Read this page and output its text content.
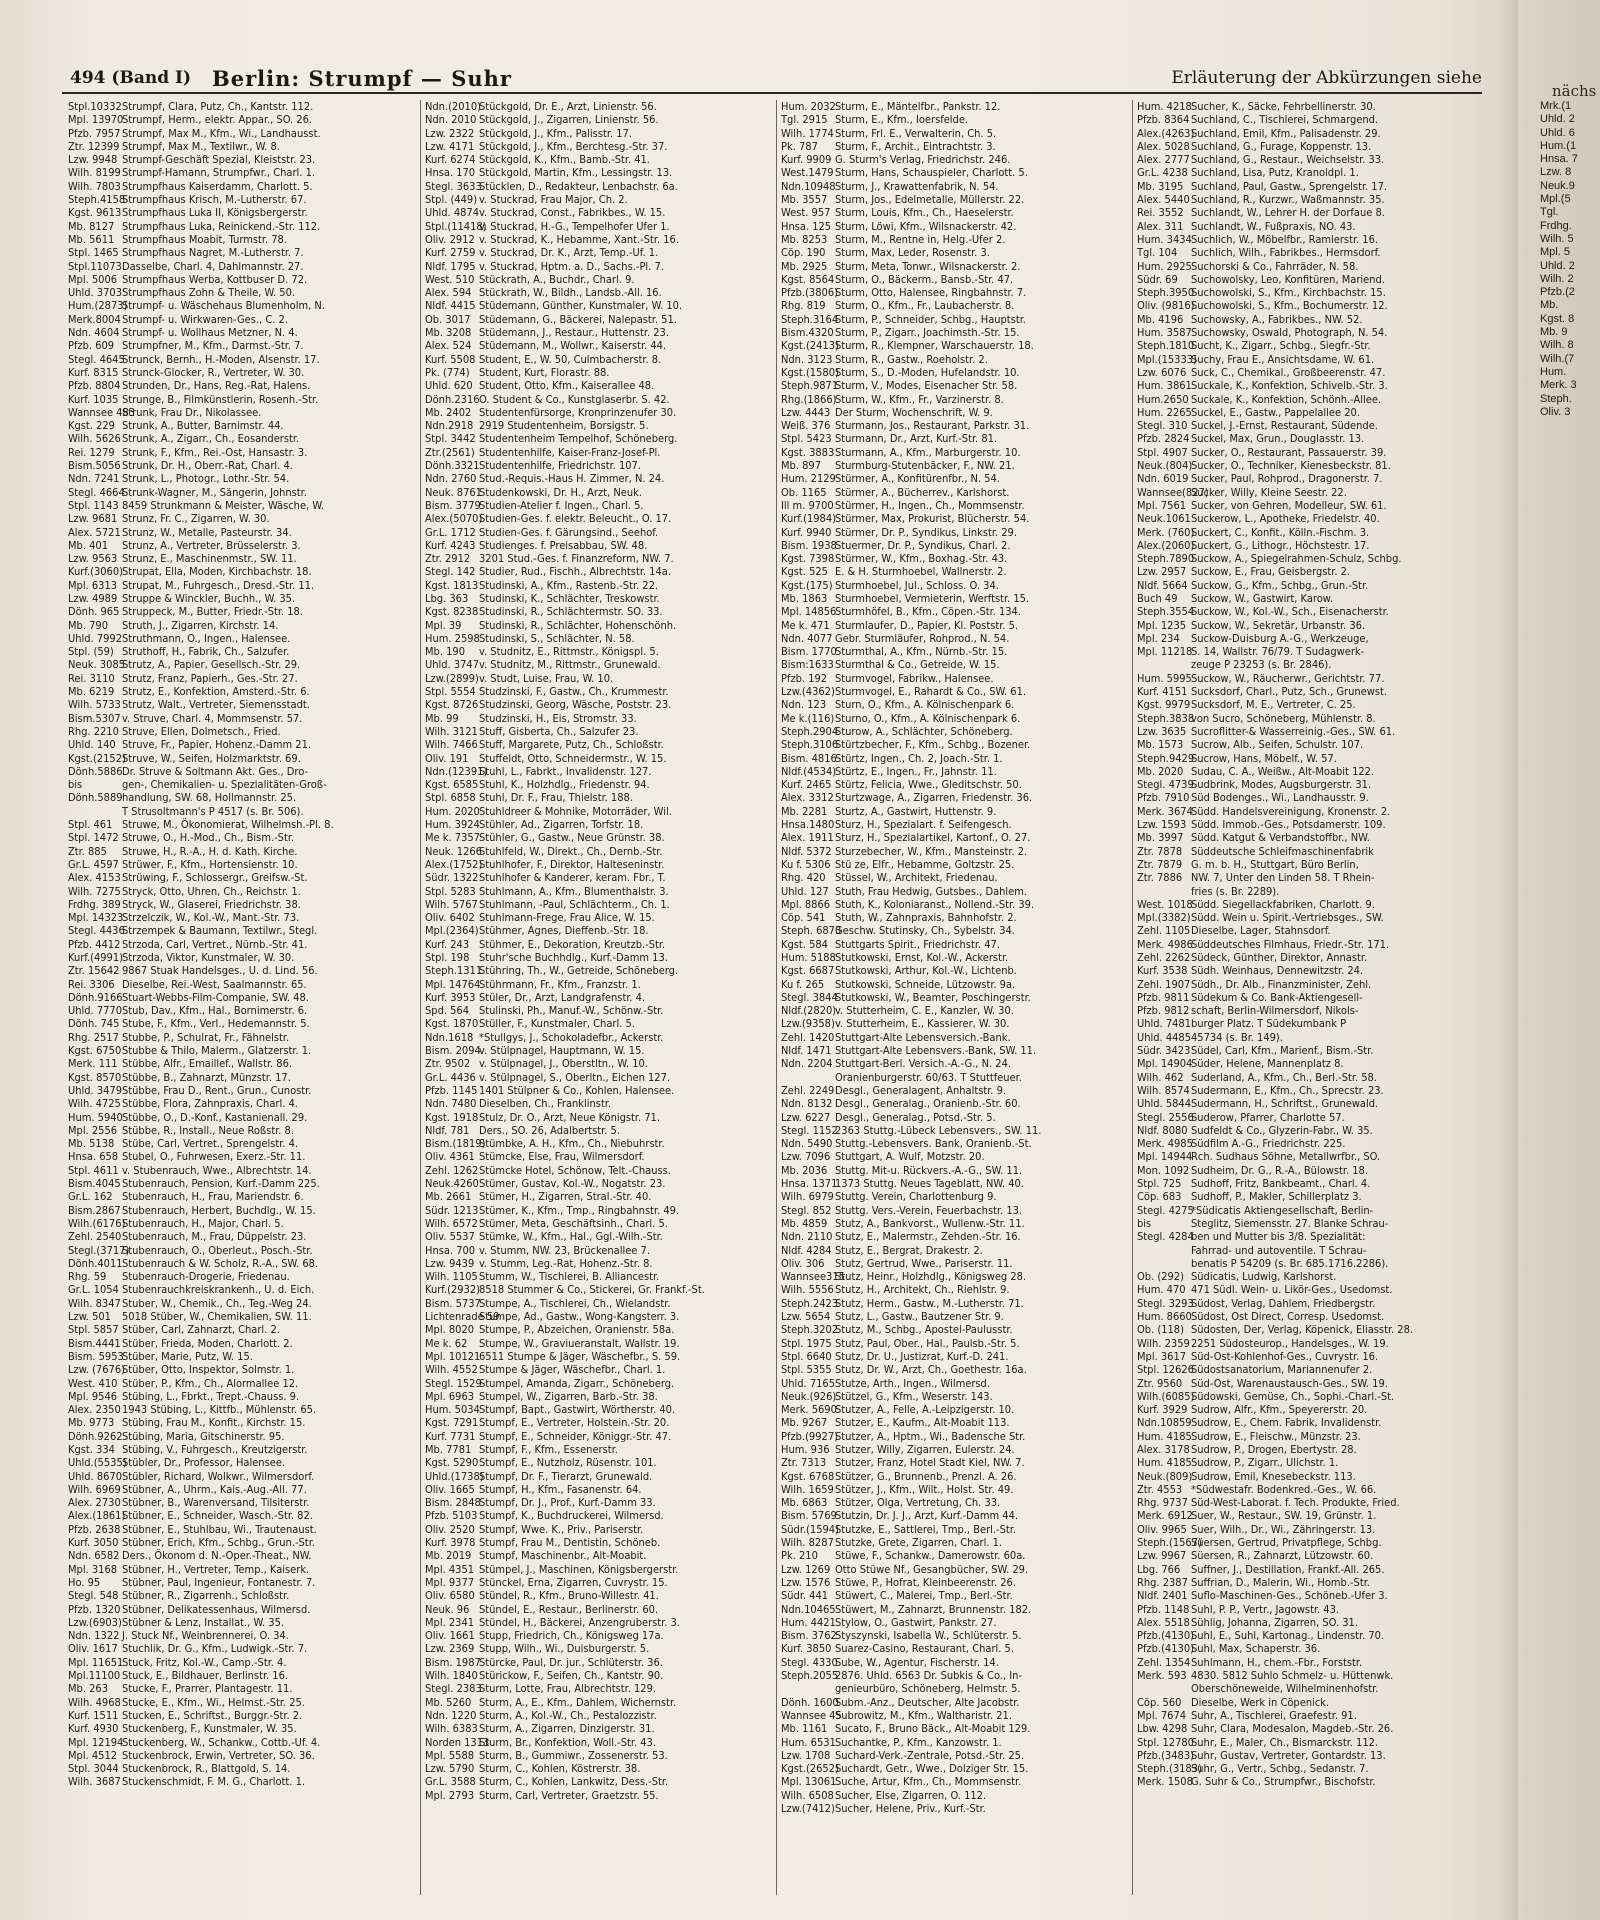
494 (Band I) Berlin: Strumpf — Suhr	Erläuterung der Abkürzungen siehe
nächs
Stpl.10332Strumpf, Clara, Putz, Ch., Kantstr. 112.
Mpl. 13970Strumpf, Herm., elektr. Appar., SO. 26.
Pfzb. 7957 Strumpf, Max M., Kfm., Wi., Landhausst.
Ztr. 12399 Strumpf, Max M., Textilwr., W. 8.
Lzw. 9948 Strumpf-Geschäft Spezial, Kleiststr. 23.
Wilh. 8199Strumpf-Hamann, Strumpfwr., Charl. 1.
Wilh. 7803Strumpfhaus Kaiserdamm, Charlott. 5.
Steph.4158Strumpfhaus Krisch, M.-Lutherstr. 67.
Kgst. 9613Strumpfhaus Luka II, Königsbergerstr.
Mb. 8127 Strumpfhaus Luka, Reinickend.-Str. 112.
Mb. 5611 Strumpfhaus Moabit, Turmstr. 78.
Stpl. 1465 Strumpfhaus Nagret, M.-Lutherstr. 7.
Stpl.11073Dasselbe, Charl. 4, Dahlmannstr. 27.
Mpl. 5006 Strumpfhaus Werba, Kottbuser D. 72.
Uhld. 3703Strumpfhaus Zohn & Theile, W. 50.
Hum.(2873)Strumpf- u. Wäschehaus Blumenholm, N.
Merk.8004Strumpf- u. Wirkwaren-Ges., C. 2.
Ndn. 4604 Strumpf- u. Wollhaus Metzner, N. 4.
Pfzb. 609 Strumpfner, M., Kfm., Darmst.-Str. 7.
Stegl. 4645Strunck, Bernh., H.-Moden, Alsenstr. 17.
Kurf. 8315 Strunck-Glocker, R., Vertreter, W. 30.
Pfzb. 8804 Strunden, Dr., Hans, Reg.-Rat, Halens.
Kurf. 1035 Strunge, B., Filmkünstlerin, Rosenh.-Str.
Wannsee 483Strunk, Frau Dr., Nikolassee.
Kgst. 229 Strunk, A., Butter, Barnimstr. 44.
Wilh. 5626Strunk, A., Zigarr., Ch., Eosanderstr.
Rei. 1279 Strunk, F., Kfm., Rei.-Ost, Hansastr. 3.
Bism.5056Strunk, Dr. H., Oberr.-Rat, Charl. 4.
Ndn. 7241 Strunk, L., Photogr., Lothr.-Str. 54.
Stegl. 4664Strunk-Wagner, M., Sängerin, Johnstr.
Stpl. 1143 8459 Strunkmann & Meister, Wäsche, W.
Lzw. 9681 Strunz, Fr. C., Zigarren, W. 30.
Alex. 5721Strunz, W., Metalle, Pasteurstr. 34.
Mb. 401 Strunz, A., Vertreter, Brüsselerstr. 3.
Lzw. 9563 Strunz, E., Maschinenmstr., SW. 11.
Kurf.(3060)Strupat, Ella, Moden, Kirchbachstr. 18.
Mpl. 6313 Strupat, M., Fuhrgesch., Dresd.-Str. 11.
Lzw. 4989 Struppe & Winckler, Buchh., W. 35.
Dönh. 965 Struppeck, M., Butter, Friedr.-Str. 18.
Mb. 790 Struth, J., Zigarren, Kirchstr. 14.
Uhld. 7992Struthmann, O., Ingen., Halensee.
Stpl. (59) Struthoff, H., Fabrik, Ch., Salzufer.
Neuk. 3085Strutz, A., Papier, Gesellsch.-Str. 29.
Rei. 3110 Strutz, Franz, Papierh., Ges.-Str. 27.
Mb. 6219 Strutz, E., Konfektion, Amsterd.-Str. 6.
Wilh. 5733Strutz, Walt., Vertreter, Siemensstadt.
Bism.5307v. Struve, Charl. 4, Mommsenstr. 57.
Rhg. 2210 Struve, Ellen, Dolmetsch., Fried.
Uhld. 140 Struve, Fr., Papier, Hohenz.-Damm 21.
Kgst.(2152)Struve, W., Seifen, Holzmarktstr. 69.
Dönh.5886Dr. Struve & Soltmann Akt. Ges., Dro-
bis	gen-, Chemikalien- u. Spezialitäten-Groß-
Dönh.5889handlung, SW. 68, Hollmannstr. 25.
T Strusoltmann's P 4517 (s. Br. 506).
Stpl. 461 Struwe, M., Ökonomierat, Wilhelmsh.-Pl. 8.
Stpl. 1472 Struwe, O., H.-Mod., Ch., Bism.-Str.
Ztr. 885 Struwe, H., R.-A., H. d. Kath. Kirche.
Gr.L. 4597 Strüwer, F., Kfm., Hortensienstr. 10.
Alex. 4153Strüwing, F., Schlossergr., Greifsw.-St.
Wilh. 7275Stryck, Otto, Uhren, Ch., Reichstr. 1.
Frdhg. 389Stryck, W., Glaserei, Friedrichstr. 38.
Mpl. 14323Strzelczik, W., Kol.-W., Mant.-Str. 73.
Stegl. 4436Strzempek & Baumann, Textilwr., Stegl.
Pfzb. 4412 Strzoda, Carl, Vertret., Nürnb.-Str. 41.
Kurf.(4991)Strzoda, Viktor, Kunstmaler, W. 30.
Ztr. 15642 9867 Stuak Handelsges., U. d. Lind. 56.
Rei. 3306 Dieselbe, Rei.-West, Saalmannstr. 65.
Dönh.9166Stuart-Webbs-Film-Companie, SW. 48.
Uhld. 7770Stub, Dav., Kfm., Hal., Bornimerstr. 6.
Dönh. 745 Stube, F., Kfm., Verl., Hedemannstr. 5.
Rhg. 2517 Stubbe, P., Schulrat, Fr., Fähnelstr.
Kgst. 6750Stubbe & Thilo, Malerm., Glatzerstr. 1.
Merk. 111 Stübbe, Alfr., Emaillef., Wallstr. 86.
Kgst. 8570Stübbe, B., Zahnarzt, Münzstr. 17.
Uhld. 3479Stübbe, Frau D., Rent., Grun., Cunostr.
Wilh. 4725Stübbe, Flora, Zahnpraxis, Charl. 4.
Hum. 5940Stübbe, O., D.-Konf., Kastanienall. 29.
Mpl. 2556 Stübbe, R., Install., Neue Roßstr. 8.
Mb. 5138 Stübe, Carl, Vertret., Sprengelstr. 4.
Hnsa. 658 Stubel, O., Fuhrwesen, Exerz.-Str. 11.
Stpl. 4611 v. Stubenrauch, Wwe., Albrechtstr. 14.
Bism.4045Stubenrauch, Pension, Kurf.-Damm 225.
Gr.L. 162 Stubenrauch, H., Frau, Mariendstr. 6.
Bism.2867Stubenrauch, Herbert, Buchdlg., W. 15.
Wilh.(6176)Stubenrauch, H., Major, Charl. 5.
Zehl. 2540Stubenrauch, M., Frau, Düppelstr. 23.
Stegl.(3717)Stubenrauch, O., Oberleut., Posch.-Str.
Dönh.4011Stubenrauch & W. Scholz, R.-A., SW. 68.
Rhg. 59 Stubenrauch-Drogerie, Friedenau.
Gr.L. 1054 Stubenrauchkreiskrankenh., U. d. Eich.
Wilh. 8347Stuber, W., Chemik., Ch., Teg.-Weg 24.
Lzw. 501 5018 Stüber, W., Chemikalien, SW. 11.
Stpl. 5857 Stüber, Carl, Zahnarzt, Charl. 2.
Bism.4441Stüber, Frieda, Moden, Charlott. 2.
Bism. 5953Stüber, Marie, Putz, W. 15.
Lzw. (7676)Stüber, Otto, Inspektor, Solmstr. 1.
West. 410 Stüber, P., Kfm., Ch., Alormallee 12.
Mpl. 9546 Stübing, L., Fbrkt., Trept.-Chauss. 9.
Alex. 23501943 Stübing, L., Kittfb., Mühlenstr. 65.
Mb. 9773 Stübing, Frau M., Konfit., Kirchstr. 15.
Dönh.9262Stübing, Maria, Gitschinerstr. 95.
Kgst. 334 Stübing, V., Fuhrgesch., Kreutzigerstr.
Uhld.(5535)Stübler, Dr., Professor, Halensee.
Uhld. 8670Stübler, Richard, Wolkwr., Wilmersdorf.
Wilh. 6969Stübner, A., Uhrm., Kais.-Aug.-All. 77.
Alex. 2730Stübner, B., Warenversand, Tilsiterstr.
Alex.(1861)Stübner, E., Schneider, Wasch.-Str. 82.
Pfzb. 2638 Stübner, E., Stuhlbau, Wi., Trautenaust.
Kurf. 3050 Stübner, Erich, Kfm., Schbg., Grun.-Str.
Ndn. 6582 Ders., Ökonom d. N.-Oper.-Theat., NW.
Mpl. 3168 Stübner, H., Vertreter, Temp., Kaiserk.
Ho. 95 Stübner, Paul, Ingenieur, Fontanestr. 7.
Stegl. 548 Stübner, R., Zigarrenh., Schloßstr.
Pfzb. 1320 Stübner, Delikatessenhaus, Wilmersd.
Lzw.(6903)Stübner & Lenz, Installat., W. 35.
Ndn. 1322 J. Stuck Nf., Weinbrennerei, O. 34.
Oliv. 1617 Stuchlik, Dr. G., Kfm., Ludwigk.-Str. 7.
Mpl. 11651Stuck, Fritz, Kol.-W., Camp.-Str. 4.
Mpl.11100 Stuck, E., Bildhauer, Berlinstr. 16.
Mb. 263 Stucke, F., Prarrer, Plantagestr. 11.
Wilh. 4968Stucke, E., Kfm., Wi., Helmst.-Str. 25.
Kurf. 1511 Stucken, E., Schriftst., Burggr.-Str. 2.
Kurf. 4930 Stuckenberg, F., Kunstmaler, W. 35.
Mpl. 12194Stuckenberg, W., Schankw., Cottb.-Uf. 4.
Mpl. 4512 Stuckenbrock, Erwin, Vertreter, SO. 36.
Stpl. 3044 Stuckenbrock, R., Blattgold, S. 14.
Wilh. 3687Stuckenschmidt, F. M. G., Charlott. 1.
Ndn.(2010)Stückgold, Dr. E., Arzt, Linienstr. 56.
Ndn. 2010 Stückgold, J., Zigarren, Linienstr. 56.
Lzw. 2322 Stückgold, J., Kfm., Palisstr. 17.
Lzw. 4171 Stückgold, J., Kfm., Berchtesg.-Str. 37.
Kurf. 6274 Stückgold, K., Kfm., Bamb.-Str. 41.
Hnsa. 170 Stückgold, Martin, Kfm., Lessingstr. 13.
Stegl. 3633Stücklen, D., Redakteur, Lenbachstr. 6a.
Stpl. (449) v. Stuckrad, Frau Major, Ch. 2.
Uhld. 4874v. Stuckrad, Const., Fabrikbes., W. 15.
Stpl.(11418)v. Stuckrad, H.-G., Tempelhofer Ufer 1.
Oliv. 2912 v. Stuckrad, K., Hebamme, Xant.-Str. 16.
Kurf. 2759 v. Stuckrad, Dr. K., Arzt, Temp.-Uf. 1.
Nldf. 1795 v. Stuckrad, Hptm. a. D., Sachs.-Pl. 7.
West. 510 Stückrath, A., Buchdr., Charl. 9.
Alex. 594 Stückrath, W., Bildh., Landsb.-All. 16.
Nldf. 4415 Stüdemann, Günther, Kunstmaler, W. 10.
Ob. 3017 Stüdemann, G., Bäckerei, Nalepastr. 51.
Mb. 3208 Stüdemann, J., Restaur., Huttenstr. 23.
Alex. 524 Stüdemann, M., Wollwr., Kaiserstr. 44.
Kurf. 5508 Student, E., W. 50, Culmbacherstr. 8.
Pk. (774) Student, Kurt, Florastr. 88.
Uhld. 620 Student, Otto, Kfm., Kaiserallee 48.
Dönh.2316O. Student & Co., Kunstglaserbr. S. 42.
Mb. 2402 Studentenfürsorge, Kronprinzenufer 30.
Ndn.2918 2919 Studentenheim, Borsigstr. 5.
Stpl. 3442 Studentenheim Tempelhof, Schöneberg.
Ztr.(2561) Studentenhilfe, Kaiser-Franz-Josef-Pl.
Dönh.3321Studentenhilfe, Friedrichstr. 107.
Ndn. 2760 Stud.-Requis.-Haus H. Zimmer, N. 24.
Neuk. 8761Studenkowski, Dr. H., Arzt, Neuk.
Bism. 3779Studien-Atelier f. Ingen., Charl. 5.
Alex.(5070)Studien-Ges. f. elektr. Beleucht., O. 17.
Gr.L. 1712 Studien-Ges. f. Gärungsind., Seehof.
Kurf. 4243 Studienges. f. Preisabbau, SW. 48.
Ztr. 2912 3201 Stud.-Ges. f. Finanzreform, NW. 7.
Stegl. 142 Studier, Rud., Fischh., Albrechtstr. 14a.
Kgst. 1813Studinski, A., Kfm., Rastenb.-Str. 22.
Lbg. 363 Studinski, K., Schlächter, Treskowstr.
Kgst. 8238Studinski, R., Schlächtermstr. SO. 33.
Mpl. 39 Studinski, R., Schlächter, Hohenschönh.
Hum. 2598Studinski, S., Schlächter, N. 58.
Mb. 190 v. Studnitz, E., Rittmstr., Königspl. 5.
Uhld. 3747v. Studnitz, M., Rittmstr., Grunewald.
Lzw.(2899)v. Studt, Luise, Frau, W. 10.
Stpl. 5554 Studzinski, F., Gastw., Ch., Krummestr.
Kgst. 8726Studzinski, Georg, Wäsche, Poststr. 23.
Mb. 99 Studzinski, H., Eis, Stromstr. 33.
Wilh. 3121Stuff, Gisberta, Ch., Salzufer 23.
Wilh. 7466Stuff, Margarete, Putz, Ch., Schloßstr.
Oliv. 191 Stuffeldt, Otto, Schneidermstr., W. 15.
Ndn.(12391)Stuhl, L., Fabrkt., Invalidenstr. 127.
Kgst. 6585Stuhl, K., Holzhdlg., Friedenstr. 94.
Stpl. 6858 Stuhl, Dr. F., Frau, Thielstr. 188.
Hum. 2020Stuhldreer & Mohnike, Motorräder, Wil.
Hum. 3924Stühler, Ad., Zigarren, Torfstr. 18.
Me k. 7357Stühler, G., Gastw., Neue Grünstr. 38.
Neuk. 1266Stuhlfeld, W., Direkt., Ch., Dernb.-Str.
Alex.(1752)Stuhlhofer, F., Direktor, Halteseninstr.
Südr. 1322Stuhlhofer & Kanderer, keram. Fbr., T.
Stpl. 5283 Stuhlmann, A., Kfm., Blumenthalstr. 3.
Wilh. 5767Stuhlmann, -Paul, Schlächterm., Ch. 1.
Oliv. 6402 Stuhlmann-Frege, Frau Alice, W. 15.
Mpl.(2364)Stühmer, Agnes, Dieffenb.-Str. 18.
Kurf. 243 Stühmer, E., Dekoration, Kreutzb.-Str.
Stpl. 198 Stuhr'sche Buchhdlg., Kurf.-Damm 13.
Steph.1311Stühring, Th., W., Getreide, Schöneberg.
Mpl. 14764Stührmann, Fr., Kfm., Franzstr. 1.
Kurf. 3953 Stüler, Dr., Arzt, Landgrafenstr. 4.
Spd. 564 Stulinski, Ph., Manuf.-W., Schönw.-Str.
Kgst. 1870Stüller, F., Kunstmaler, Charl. 5.
Ndn.1618 *Stullgys, J., Schokoladefbr., Ackerstr.
Bism. 2094v. Stülpnagel, Hauptmann, W. 15.
Ztr. 9502 v. Stülpnagel, J., Oberstltn., W. 10.
Gr.L. 4436 v. Stülpnagel, S., Oberltn., Eichen 127.
Pfzb. 1145 1401 Stülpner & Co., Kohlen, Halensee.
Ndn. 7480 Dieselben, Ch., Franklinstr.
Kgst. 1918Stulz, Dr. O., Arzt, Neue Königstr. 71.
Nldf. 781 Ders., SO. 26, Adalbertstr. 5.
Bism.(1819)Stümbke, A. H., Kfm., Ch., Niebuhrstr.
Oliv. 4361 Stümcke, Else, Frau, Wilmersdorf.
Zehl. 1262Stümcke Hotel, Schönow, Telt.-Chauss.
Neuk.4260Stümer, Gustav, Kol.-W., Nogatstr. 23.
Mb. 2661 Stümer, H., Zigarren, Stral.-Str. 40.
Südr. 1213Stümer, K., Kfm., Tmp., Ringbahnstr. 49.
Wilh. 6572Stümer, Meta, Geschäftsinh., Charl. 5.
Oliv. 5537 Stümke, W., Kfm., Hal., Ggl.-Wilh.-Str.
Hnsa. 700 v. Stumm, NW. 23, Brückenallee 7.
Lzw. 9439 v. Stumm, Leg.-Rat, Hohenz.-Str. 8.
Wilh. 1105Stumm, W., Tischlerei, B. Alliancestr.
Kurf.(2932)8518 Stummer & Co., Stickerei, Gr. Frankf.-St.
Bism. 5737Stumpe, A., Tischlerei, Ch., Wielandstr.
Lichtenrade 59Stumpe, Ad., Gastw., Wong-Kangsterr. 3.
Mpl. 8020 Stumpe, P., Abzeichen, Oranienstr. 58a.
Me k. 62 Stumpe, W., Graviueranstalt, Wallstr. 19.
Mpl. 101216511 Stumpe & Jäger, Wäschefbr., S. 59.
Wilh. 4552Stumpe & Jäger, Wäschefbr., Charl. 1.
Stegl. 1529Stumpel, Amanda, Zigarr., Schöneberg.
Mpl. 6963 Stumpel, W., Zigarren, Barb.-Str. 38.
Hum. 5034Stumpf, Bapt., Gastwirt, Wörtherstr. 40.
Kgst. 7291Stumpf, E., Vertreter, Holstein.-Str. 20.
Kurf. 7731 Stumpf, E., Schneider, Königgr.-Str. 47.
Mb. 7781 Stumpf, F., Kfm., Essenerstr.
Kgst. 5290Stumpf, E., Nutzholz, Rüsenstr. 101.
Uhld.(1738)Stumpf, Dr. F., Tierarzt, Grunewald.
Oliv. 1665 Stumpf, H., Kfm., Fasanenstr. 64.
Bism. 2848Stumpf, Dr. J., Prof., Kurf.-Damm 33.
Pfzb. 5103 Stumpf, K., Buchdruckerei, Wilmersd.
Oliv. 2520 Stumpf, Wwe. K., Priv., Pariserstr.
Kurf. 3978 Stumpf, Frau M., Dentistin, Schöneb.
Mb. 2019 Stumpf, Maschinenbr., Alt-Moabit.
Mpl. 4351 Stümpel, J., Maschinen, Königsbergerstr.
Mpl. 9377 Stünckel, Erna, Zigarren, Cuvrystr. 15.
Oliv. 6580 Stündel, R., Kfm., Bruno-Willestr. 41.
Neuk. 96 Stündel, E., Restaur., Berlinerstr. 60.
Mpl. 2341 Stündel, H., Bäckerei, Anzengruberstr. 3.
Oliv. 1661 Stupp, Friedrich, Ch., Königsweg 17a.
Lzw. 2369 Stupp, Wilh., Wi., Duisburgerstr. 5.
Bism. 1987Stürcke, Paul, Dr. jur., Schlüterstr. 36.
Wilh. 1840Stürickow, F., Seifen, Ch., Kantstr. 90.
Stegl. 2383Sturm, Lotte, Frau, Albrechtstr. 129.
Mb. 5260 Sturm, A., E., Kfm., Dahlem, Wichernstr.
Ndn. 1220 Sturm, A., Kol.-W., Ch., Pestalozzistr.
Wilh. 6383Sturm, A., Zigarren, Dinzigerstr. 31.
Norden 1313Sturm, Br., Konfektion, Woll.-Str. 43.
Mpl. 5588 Sturm, B., Gummiwr., Zossenerstr. 53.
Lzw. 5790 Sturm, C., Kohlen, Köstrerstr. 38.
Gr.L. 3588 Sturm, C., Kohlen, Lankwitz, Dess.-Str.
Mpl. 2793 Sturm, Carl, Vertreter, Graetzstr. 55.
Hum. 2032Sturm, E., Mäntelfbr., Pankstr. 12.
Tgl. 2915 Sturm, E., Kfm., Ioersfelde.
Wilh. 1774Sturm, Frl. E., Verwalterin, Ch. 5.
Pk. 787 Sturm, F., Archit., Eintrachtstr. 3.
Kurf. 9909 G. Sturm's Verlag, Friedrichstr. 246.
West.1479Sturm, Hans, Schauspieler, Charlott. 5.
Ndn.10948Sturm, J., Krawattenfabrik, N. 54.
Mb. 3557 Sturm, Jos., Edelmetalle, Müllerstr. 22.
West. 957 Sturm, Louis, Kfm., Ch., Haeselerstr.
Hnsa. 125 Sturm, Löwi, Kfm., Wilsnackerstr. 42.
Mb. 8253 Sturm, M., Rentne in, Helg.-Ufer 2.
Cöp. 190 Sturm, Max, Leder, Rosenstr. 3.
Mb. 2925 Sturm, Meta, Tonwr., Wilsnackerstr. 2.
Kgst. 8564Sturm, O., Bäckerm., Bansb.-Str. 47.
Pfzb.(3806)Sturm, Otto, Halensee, Ringbahnstr. 7.
Rhg. 819 Sturm, O., Kfm., Fr., Laubacherstr. 8.
Steph.3164Sturm, P., Schneider, Schbg., Hauptstr.
Bism.4320Sturm, P., Zigarr., Joachimsth.-Str. 15.
Kgst.(2413)Sturm, R., Klempner, Warschauerstr. 18.
Ndn. 3123 Sturm, R., Gastw., Roeholstr. 2.
Kgst.(1580)Sturm, S., D.-Moden, Hufelandstr. 10.
Steph.9871Sturm, V., Modes, Eisenacher Str. 58.
Rhg.(1866)Sturm, W., Kfm., Fr., Varzinerstr. 8.
Lzw. 4443 Der Sturm, Wochenschrift, W. 9.
Weiß. 376 Sturmann, Jos., Restaurant, Parkstr. 31.
Stpl. 5423 Sturmann, Dr., Arzt, Kurf.-Str. 81.
Kgst. 3883Sturmann, A., Kfm., Marburgerstr. 10.
Mb. 897 Sturmburg-Stutenbäcker, F., NW. 21.
Hum. 2129Stürmer, A., Konfitürenfbr., N. 54.
Ob. 1165 Stürmer, A., Bücherrev., Karlshorst.
Ill m. 9700Stürmer, H., Ingen., Ch., Mommsenstr.
Kurf.(1984)Stürmer, Max, Prokurist, Blücherstr. 54.
Kurf. 9940 Stürmer, Dr. P., Syndikus, Linkstr. 29.
Bism. 1938Stuermer, Dr. P., Syndikus, Charl. 2.
Kgst. 7398Stürmer, W., Kfm., Boxhag.-Str. 43.
Kgst. 525 E. & H. Sturmhoebel, Wallnerstr. 2.
Kgst.(175) Sturmhoebel, Jul., Schloss. O. 34.
Mb. 1863 Sturmhoebel, Vermieterin, Werftstr. 15.
Mpl. 14856Sturmhöfel, B., Kfm., Cöpen.-Str. 134.
Me k. 471 Sturmlaufer, D., Papier, Kl. Poststr. 5.
Ndn. 4077 Gebr. Sturmläufer, Rohprod., N. 54.
Bism. 1770Sturmthal, A., Kfm., Nürnb.-Str. 15.
Bism:1633Sturmthal & Co., Getreide, W. 15.
Pfzb. 192 Sturmvogel, Fabrikw., Halensee.
Lzw.(4362)Sturmvogel, E., Rahardt & Co., SW. 61.
Ndn. 123 Sturn, O., Kfm., A. Kölnischenpark 6.
Me k.(116)Sturno, O., Kfm., A. Kölnischenpark 6.
Steph.2904Sturow, A., Schlächter, Schöneberg.
Steph.3106Stürtzbecher, F., Kfm., Schbg., Bozener.
Bism. 4816Stürtz, Ingen., Ch. 2, Joach.-Str. 1.
Nldf.(4534)Stürtz, E., Ingen., Fr., Jahnstr. 11.
Kurf. 2465 Stürtz, Felicia, Wwe., Gleditschstr. 50.
Alex. 3312Sturtzwage, A., Zigarren, Friedenstr. 36.
Mb. 2281 Sturtz, A., Gastwirt, Huttenstr. 9.
Hnsa.1480Sturz, H., Spezialart. f. Seifengesch.
Alex. 1911Sturz, H., Spezialartikel, Kartonf., O. 27.
Nldf. 5372 Sturzebecher, W., Kfm., Mansteinstr. 2.
Ku f. 5306 Stü ze, Elfr., Hebamme, Goltzstr. 25.
Rhg. 420 Stüssel, W., Architekt, Friedenau.
Uhld. 127 Stuth, Frau Hedwig, Gutsbes., Dahlem.
Mpl. 8866 Stuth, K., Koloniaranst., Nollend.-Str. 39.
Cöp. 541 Stuth, W., Zahnpraxis, Bahnhofstr. 2.
Steph. 6873Geschw. Stutinsky, Ch., Sybelstr. 34.
Kgst. 584 Stuttgarts Spirit., Friedrichstr. 47.
Hum. 5188Stutkowski, Ernst, Kol.-W., Ackerstr.
Kgst. 6687Stutkowski, Arthur, Kol.-W., Lichtenb.
Ku f. 265 Stutkowski, Schneide, Lützowstr. 9a.
Stegl. 3844Stutkowski, W., Beamter, Poschingerstr.
Nldf.(2820)v. Stutterheim, C. E., Kanzler, W. 30.
Lzw.(9358)v. Stutterheim, E., Kassierer, W. 30.
Zehl. 1420Stuttgart-Alte Lebensversich.-Bank.
Nldf. 1471 Stuttgart-Alte Lebensvers.-Bank, SW. 11.
Ndn. 2204 Stuttgart-Berl. Versich.-A.-G., N. 24.
Oranienburgerstr. 60/63. T Stuttfeuer.
Zehl. 2249Desgl., Generalagent, Anhaltstr. 9.
Ndn. 8132 Desgl., Generalag., Oranienb.-Str. 60.
Lzw. 6227 Desgl., Generalag., Potsd.-Str. 5.
Stegl. 11522363 Stuttg.-Lübeck Lebensvers., SW. 11.
Ndn. 5490 Stuttg.-Lebensvers. Bank, Oranienb.-St.
Lzw. 7096 Stuttgart, A. Wulf, Motzstr. 20.
Mb. 2036 Stuttg. Mit-u. Rückvers.-A.-G., SW. 11.
Hnsa. 13711373 Stuttg. Neues Tageblatt, NW. 40.
Wilh. 6979Stuttg. Verein, Charlottenburg 9.
Stegl. 852 Stuttg. Vers.-Verein, Feuerbachstr. 13.
Mb. 4859 Stutz, A., Bankvorst., Wullenw.-Str. 11.
Ndn. 2110 Stutz, E., Malermstr., Zehden.-Str. 16.
Nldf. 4284 Stutz, E., Bergrat, Drakestr. 2.
Oliv. 306 Stutz, Gertrud, Wwe., Pariserstr. 11.
Wannsee315Stutz, Heinr., Holzhdlg., Königsweg 28.
Wilh. 5556Stutz, H., Architekt, Ch., Riehlstr. 9.
Steph.2423Stutz, Herm., Gastw., M.-Lutherstr. 71.
Lzw. 5654 Stutz, L., Gastw., Bautzener Str. 9.
Steph.3202Stutz, M., Schbg., Apostel-Paulusstr.
Stpl. 1975 Stutz, Paul, Ober., Hal., Paulsb.-Str. 5.
Stpl. 6640 Stutz, Dr. U., Justizrat, Kurf.-D. 241.
Stpl. 5355 Stutz, Dr. W., Arzt, Ch., Goethestr. 16a.
Uhld. 7165Stutze, Arth., Ingen., Wilmersd.
Neuk.(926)Stützel, G., Kfm., Weserstr. 143.
Merk. 5690Stutzer, A., Felle, A.-Leipzigerstr. 10.
Mb. 9267 Stutzer, E., Kaufm., Alt-Moabit 113.
Pfzb.(9927)Stutzer, A., Hptm., Wi., Badensche Str.
Hum. 936 Stutzer, Willy, Zigarren, Eulerstr. 24.
Ztr. 7313 Stutzer, Franz, Hotel Stadt Kiel, NW. 7.
Kgst. 6768Stützer, G., Brunnenb., Prenzl. A. 26.
Wilh. 1659Stützer, J., Kfm., Wilt., Holst. Str. 49.
Mb. 6863 Stützer, Olga, Vertretung, Ch. 33.
Bism. 5769Stutzin, Dr. J. J., Arzt, Kurf.-Damm 44.
Südr.(1594)Stutzke, E., Sattlerei, Tmp., Berl.-Str.
Wilh. 8287Stutzke, Grete, Zigarren, Charl. 1.
Pk. 210 Stüwe, F., Schankw., Damerowstr. 60a.
Lzw. 1269 Otto Stüwe Nf., Gesangbücher, SW. 29.
Lzw. 1576 Stüwe, P., Hofrat, Kleinbeerenstr. 26.
Südr. 441 Stüwert, C., Malerei, Tmp., Berl.-Str.
Ndn.10465Stüwert, M., Zahnarzt, Brunnenstr. 182.
Hum. 4421Stylow, O., Gastwirt, Pankstr. 27.
Bism. 3762Styszynski, Isabella W., Schlüterstr. 5.
Kurf. 3850 Suarez-Casino, Restaurant, Charl. 5.
Stegl. 4330Sube, W., Agentur, Fischerstr. 14.
Steph.20552876. Uhld. 6563 Dr. Subkis & Co., In-
genieurbüro, Schöneberg, Helmstr. 5.
Dönh. 1600Subm.-Anz., Deutscher, Alte Jacobstr.
Wannsee 45Subrowitz, M., Kfm., Waltharistr. 21.
Mb. 1161 Sucato, F., Bruno Bäck., Alt-Moabit 129.
Hum. 6531Suchantke, P., Kfm., Kanzowstr. 1.
Lzw. 1708 Suchard-Verk.-Zentrale, Potsd.-Str. 25.
Kgst.(2652)Suchardt, Getr., Wwe., Dolziger Str. 15.
Mpl. 13061Suche, Artur, Kfm., Ch., Mommsenstr.
Wilh. 6508Sucher, Else, Zigarren, O. 112.
Lzw.(7412)Sucher, Helene, Priv., Kurf.-Str.
Hum. 4218Sucher, K., Säcke, Fehrbellinerstr. 30.
Pfzb. 8364 Suchland, C., Tischlerei, Schmargend.
Alex.(4263)Suchland, Emil, Kfm., Palisadenstr. 29.
Alex. 5028Suchland, G., Furage, Koppenstr. 13.
Alex. 2777Suchland, G., Restaur., Weichselstr. 33.
Gr.L. 4238 Suchland, Lisa, Putz, Kranoldpl. 1.
Mb. 3195 Suchland, Paul, Gastw., Sprengelstr. 17.
Alex. 5440Suchland, R., Kurzwr., Waßmannstr. 35.
Rei. 3552 Suchlandt, W., Lehrer H. der Dorfaue 8.
Alex. 311 Suchlandt, W., Fußpraxis, NO. 43.
Hum. 3434Suchlich, W., Möbelfbr., Ramlerstr. 16.
Tgl. 104 Suchlich, Wilh., Fabrikbes., Hermsdorf.
Hum. 2925Suchorski & Co., Fahrräder, N. 58.
Südr. 69 Suchowolsky, Leo, Konfitüren, Mariend.
Steph.3950Suchowolski, S., Kfm., Kirchbachstr. 15.
Oliv. (9816)Suchowolski, S., Kfm., Bochumerstr. 12.
Mb. 4196 Suchowsky, A., Fabrikbes., NW. 52.
Hum. 3587Suchowsky, Oswald, Photograph, N. 54.
Steph.1810Sucht, K., Zigarr., Schbg., Siegfr.-Str.
Mpl.(15333)Suchy, Frau E., Ansichtsdame, W. 61.
Lzw. 6076 Suck, C., Chemikal., Großbeerenstr. 47.
Hum. 3861Suckale, K., Konfektion, Schivelb.-Str. 3.
Hum.2650 Suckale, K., Konfektion, Schönh.-Allee.
Hum. 2265Suckel, E., Gastw., Pappelallee 20.
Stegl. 310 Suckel, J.-Ernst, Restaurant, Südende.
Pfzb. 2824 Suckel, Max, Grun., Douglasstr. 13.
Stpl. 4907 Sucker, O., Restaurant, Passauerstr. 39.
Neuk.(804)Sucker, O., Techniker, Kienesbeckstr. 81.
Ndn. 6019 Sucker, Paul, Rohprod., Dragonerstr. 7.
Wannsee(827)Sucker, Willy, Kleine Seestr. 22.
Mpl. 7561 Sucker, von Gehren, Modelleur, SW. 61.
Neuk.1061Suckerow, L., Apotheke, Friedelstr. 40.
Merk. (760)Suckert, C., Konfit., Kölln.-Fischm. 3.
Alex.(2060)Suckert, G., Lithogr., Höchstestr. 17.
Steph.7890Suckow, A., Spiegelrahmen-Schulz, Schbg.
Lzw. 2957 Suckow, E., Frau, Geisbergstr. 2.
Nldf. 5664 Suckow, G., Kfm., Schbg., Grun.-Str.
Buch 49 Suckow, W., Gastwirt, Karow.
Steph.3554Suckow, W., Kol.-W., Sch., Eisenacherstr.
Mpl. 1235 Suckow, W., Sekretär, Urbanstr. 36.
Mpl. 234 Suckow-Duisburg A.-G., Werkzeuge,
Mpl. 11218S. 14, Wallstr. 76/79. T Sudagwerk-
zeuge P 23253 (s. Br. 2846).
Hum. 5995Suckow, W., Räucherwr., Gerichtstr. 77.
Kurf. 4151 Sucksdorf, Charl., Putz, Sch., Grunewst.
Kgst. 9979Sucksdorf, M. E., Vertreter, C. 25.
Steph.3838von Sucro, Schöneberg, Mühlenstr. 8.
Lzw. 3635 Sucroflitter-& Wasserreinig.-Ges., SW. 61.
Mb. 1573 Sucrow, Alb., Seifen, Schulstr. 107.
Steph.9429Sucrow, Hans, Möbelf., W. 57.
Mb. 2020 Sudau, C. A., Weißw., Alt-Moabit 122.
Stegl. 4739Sudbrink, Modes, Augsburgerstr. 31.
Pfzb. 7910 Süd Bodenges., Wi., Landhausstr. 9.
Merk. 3674Südd. Handelsvereinigung, Kronenstr. 2.
Lzw. 1593 Südd. Immob.-Ges., Potsdamerstr. 109.
Mb. 3997 Südd. Katgut & Verbandstoffbr., NW.
Ztr. 7878 Süddeutsche Schleifmaschinenfabrik
Ztr. 7879 G. m. b. H., Stuttgart, Büro Berlin,
Ztr. 7886 NW. 7, Unter den Linden 58. T Rhein-
fries (s. Br. 2289).
West. 1018Südd. Siegellackfabriken, Charlott. 9.
Mpl.(3382)Südd. Wein u. Spirit.-Vertriebsges., SW.
Zehl. 1105Dieselbe, Lager, Stahnsdorf.
Merk. 4986Süddeutsches Filmhaus, Friedr.-Str. 171.
Zehl. 2262Südeck, Günther, Direktor, Annastr.
Kurf. 3538 Südh. Weinhaus, Dennewitzstr. 24.
Zehl. 1907Südh., Dr. Alb., Finanzminister, Zehl.
Pfzb. 9811 Südekum & Co. Bank-Aktiengesell-
Pfzb. 9812 schaft, Berlin-Wilmersdorf, Nikols-
Uhld. 7481burger Platz. T Südekumbank P
Uhld. 448545734 (s. Br. 149).
Südr. 3423Südel, Carl, Kfm., Marienf., Bism.-Str.
Mpl. 14904Süder, Helene, Mannenplatz 8.
Wilh. 462 Suderland, A., Kfm., Ch., Berl.-Str. 58.
Wilh. 8574Sudermann, E., Kfm., Ch., Sprecstr. 23.
Uhld. 5844Sudermann, H., Schriftst., Grunewald.
Stegl. 2556Suderow, Pfarrer, Charlotte 57.
Nldf. 8080 Sudfeldt & Co., Glyzerin-Fabr., W. 35.
Merk. 4985Südfilm A.-G., Friedrichstr. 225.
Mpl. 14944Rch. Sudhaus Söhne, Metallwrfbr., SO.
Mon. 1092 Sudheim, Dr. G., R.-A., Bülowstr. 18.
Stpl. 725 Sudhoff, Fritz, Bankbeamt., Charl. 4.
Cöp. 683 Sudhoff, P., Makler, Schillerplatz 3.
Stegl. 4275*Südicatis Aktiengesellschaft, Berlin-
bis	Steglitz, Siemensstr. 27. Blanke Schrau-
Stegl. 4284ben und Mutter bis 3/8. Spezialität:
Fahrrad- und autoventile. T Schrau-
benatis P 54209 (s. Br. 685.1716.2286).
Ob. (292) Südicatis, Ludwig, Karlshorst.
Hum. 470 471 Südl. Wein- u. Likör-Ges., Usedomst.
Stegl. 3293Südost, Verlag, Dahlem, Friedbergstr.
Hum. 8660Südost, Ost Direct, Corresp. Usedomst.
Ob. (118) Südosten, Der, Verlag, Köpenick, Eliasstr. 28.
Wilh. 23592251 Südosteurop., Handelsges., W. 19.
Mpl. 3617 Süd-Ost-Kohlenhof-Ges., Cuvrystr. 16.
Stpl. 12626Südostsanatorium, Mariannenufer 2.
Ztr. 9560 Süd-Ost, Warenaustausch-Ges., SW. 19.
Wilh.(6085)Südowski, Gemüse, Ch., Sophi.-Charl.-St.
Kurf. 3929 Sudrow, Alfr., Kfm., Speyererstr. 20.
Ndn.10859Sudrow, E., Chem. Fabrik, Invalidenstr.
Hum. 4185Sudrow, E., Fleischw., Münzstr. 23.
Alex. 3178Sudrow, P., Drogen, Ebertystr. 28.
Hum. 4185Sudrow, P., Zigarr., Ulichstr. 1.
Neuk.(809)Sudrow, Emil, Knesebeckstr. 113.
Ztr. 4553 *Südwestafr. Bodenkred.-Ges., W. 66.
Rhg. 9737 Süd-West-Laborat. f. Tech. Produkte, Fried.
Merk. 6912Suer, W., Restaur., SW. 19, Grünstr. 1.
Oliv. 9965 Suer, Wilh., Dr., Wi., Zähringerstr. 13.
Steph.(1567)Süersen, Gertrud, Privatpflege, Schbg.
Lzw. 9967 Süersen, R., Zahnarzt, Lützowstr. 60.
Lbg. 766 Suffner, J., Destillation, Frankf.-All. 265.
Rhg. 2387 Suffrian, D., Malerin, Wi., Homb.-Str.
Nldf. 2401 Suflo-Maschinen-Ges., Schöneb.-Ufer 3.
Pfzb. 1148 Suhl, P. P., Vertr., Jagowstr. 43.
Alex. 5518Sühlig, Johanna, Zigarren, SO. 31.
Pfzb.(4130)Suhl, E., Suhl, Kartonag., Lindenstr. 70.
Pfzb.(4130)Suhl, Max, Schaperstr. 36.
Zehl. 1354Suhlmann, H., chem.-Fbr., Forststr.
Merk. 593 4830. 5812 Suhlo Schmelz- u. Hüttenwk.
Oberschöneweide, Wilhelminenhofstr.
Cöp. 560 Dieselbe, Werk in Cöpenick.
Mpl. 7674 Suhr, A., Tischlerei, Graefestr. 91.
Lbw. 4298 Suhr, Clara, Modesalon, Magdeb.-Str. 26.
Stpl. 12780Suhr, E., Maler, Ch., Bismarckstr. 112.
Pfzb.(3483)Suhr, Gustav, Vertreter, Gontardstr. 13.
Steph.(3183)Suhr, G., Vertr., Schbg., Sedanstr. 7.
Merk. 1508G. Suhr & Co., Strumpfwr., Bischofstr.
Mrk.(1
Uhld. 2
Uhld. 6
Hum.(1
Hnsa. 7
Lzw. 8
Neuk.9
Mpl.(5
Tgl.
Frdhg.
Wilh. 5
Mpl. 5
Uhld. 2
Wilh. 2
Pfzb.(2
Mb.
Kgst. 8
Mb. 9
Wilh. 8
Wilh.(7
Hum.
Merk. 3
Steph.
Oliv. 3
